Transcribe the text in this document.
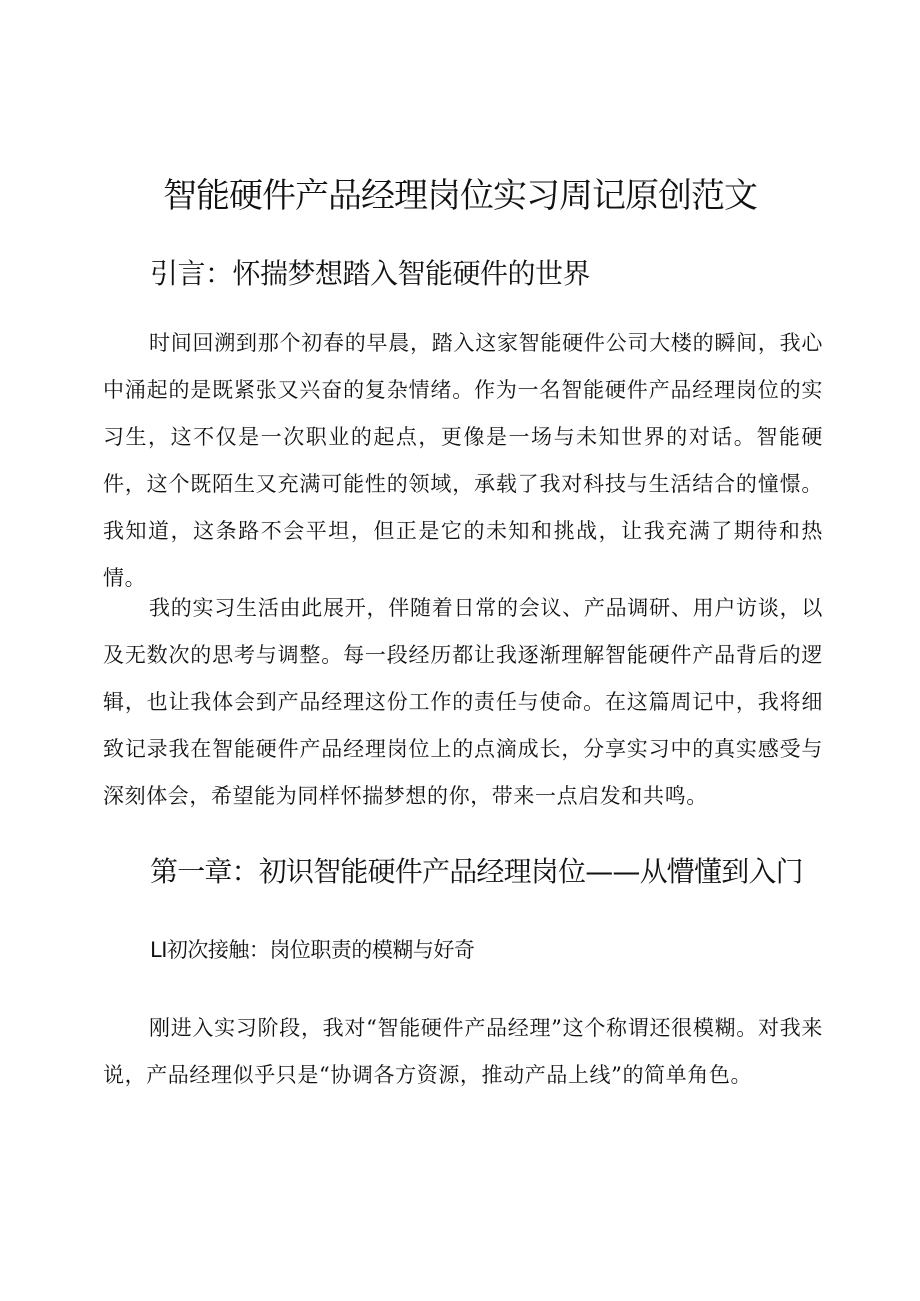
智能硬件产品经理岗位实习周记原创范文
引言：怀揣梦想踏入智能硬件的世界

时间回溯到那个初春的早晨，踏入这家智能硬件公司大楼的瞬间，我心中涌起的是既紧张又兴奋的复杂情绪。作为一名智能硬件产品经理岗位的实习生，这不仅是一次职业的起点，更像是一场与未知世界的对话。智能硬件，这个既陌生又充满可能性的领域，承载了我对科技与生活结合的憧憬。我知道，这条路不会平坦，但正是它的未知和挑战，让我充满了期待和热情。

我的实习生活由此展开，伴随着日常的会议、产品调研、用户访谈，以及无数次的思考与调整。每一段经历都让我逐渐理解智能硬件产品背后的逻辑，也让我体会到产品经理这份工作的责任与使命。在这篇周记中，我将细致记录我在智能硬件产品经理岗位上的点滴成长，分享实习中的真实感受与深刻体会，希望能为同样怀揣梦想的你，带来一点启发和共鸣。

第一章：初识智能硬件产品经理岗位——从懵懂到入门
LI初次接触：岗位职责的模糊与好奇

刚进入实习阶段，我对“智能硬件产品经理”这个称谓还很模糊。对我来说，产品经理似乎只是“协调各方资源，推动产品上线”的简单角色。
